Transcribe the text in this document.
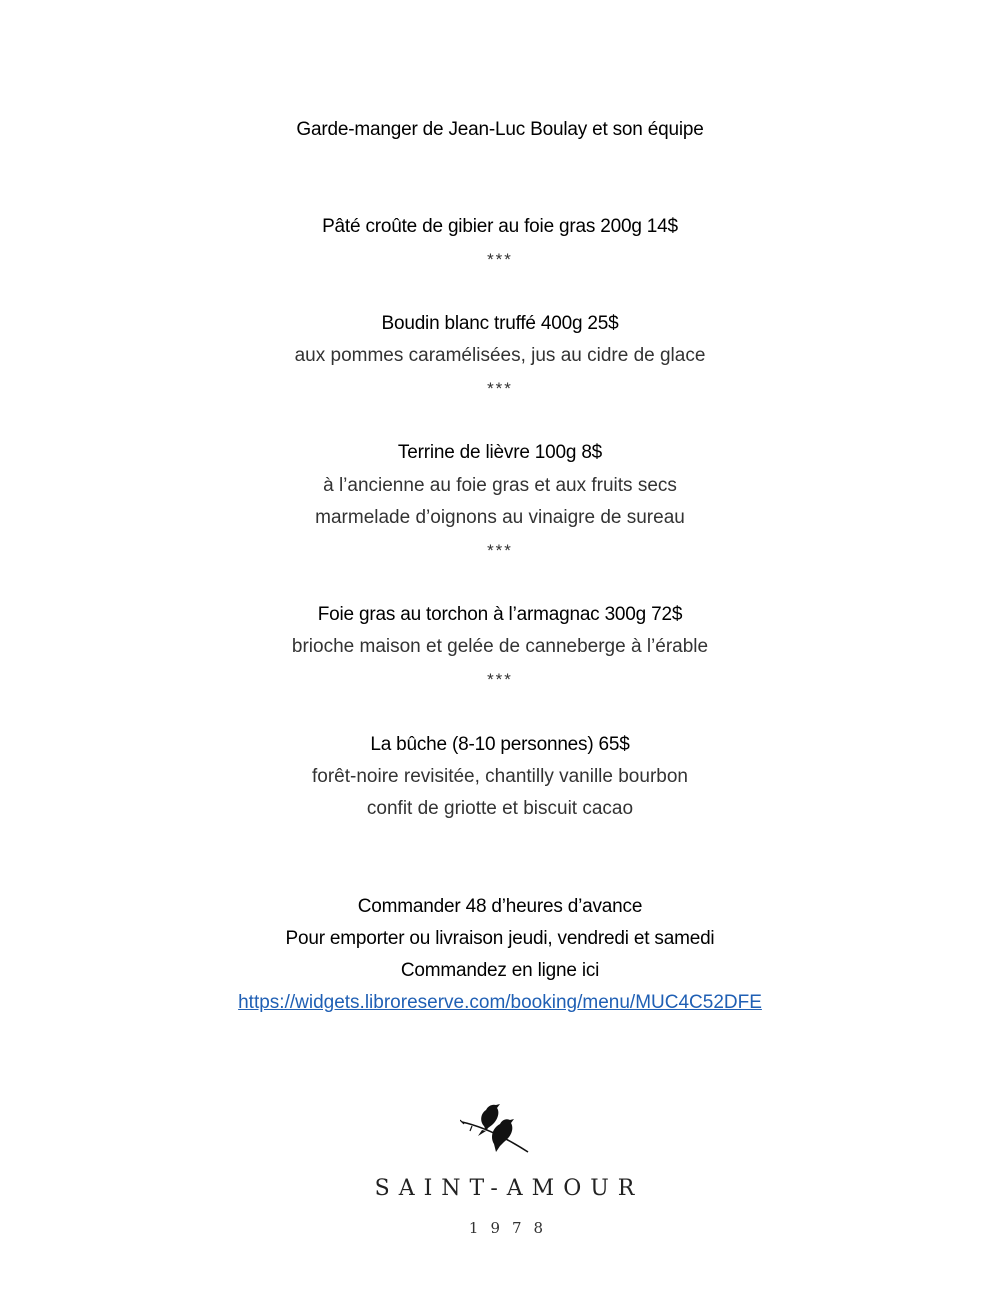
Garde-manger de Jean-Luc Boulay et son équipe
Pâté croûte de gibier au foie gras 200g 14$
***
Boudin blanc truffé 400g 25$
aux pommes caramélisées, jus au cidre de glace
***
Terrine de lièvre 100g 8$
à l’ancienne au foie gras et aux fruits secs
marmelade d’oignons au vinaigre de sureau
***
Foie gras au torchon à l’armagnac 300g 72$
brioche maison et gelée de canneberge à l’érable
***
La bûche (8-10 personnes) 65$
forêt-noire revisitée, chantilly vanille bourbon
confit de griotte et biscuit cacao
Commander 48 d’heures d’avance
Pour emporter ou livraison jeudi, vendredi et samedi
Commandez en ligne ici
https://widgets.libroreserve.com/booking/menu/MUC4C52DFE
SAINT-AMOUR
1978
